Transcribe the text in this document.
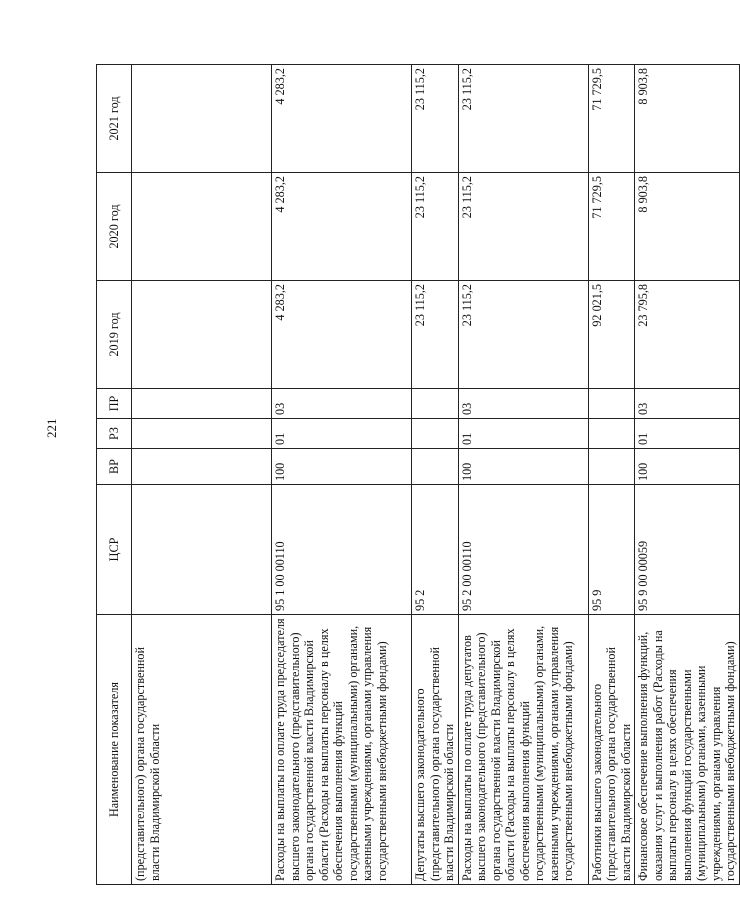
221
Наименование показателя	ЦСР	ВР	РЗ	ПР	2019 год	2020 год	2021 год
(представительного) органа государственной власти Владимирской области							
Расходы на выплаты по оплате труда председателя высшего законодательного (представительного) органа государственной власти Владимирской области (Расходы на выплаты персоналу в целях обеспечения выполнения функций государственными (муниципальными) органами, казенными учреждениями, органами управления государственными внебюджетными фондами)	95 1 00 00110	100	01	03	4 283,2	4 283,2	4 283,2
Депутаты высшего законодательного (представительного) органа государственной власти Владимирской области	95 2				23 115,2	23 115,2	23 115,2
Расходы на выплаты по оплате труда депутатов высшего законодательного (представительного) органа государственной власти Владимирской области (Расходы на выплаты персоналу в целях обеспечения выполнения функций государственными (муниципальными) органами, казенными учреждениями, органами управления государственными внебюджетными фондами)	95 2 00 00110	100	01	03	23 115,2	23 115,2	23 115,2
Работники высшего законодательного (представительного) органа государственной власти Владимирской области	95 9				92 021,5	71 729,5	71 729,5
Финансовое обеспечение выполнения функций, оказания услуг и выполнения работ (Расходы на выплаты персоналу в целях обеспечения выполнения функций государственными (муниципальными) органами, казенными учреждениями, органами управления государственными внебюджетными фондами)	95 9 00 00059	100	01	03	23 795,8	8 903,8	8 903,8
